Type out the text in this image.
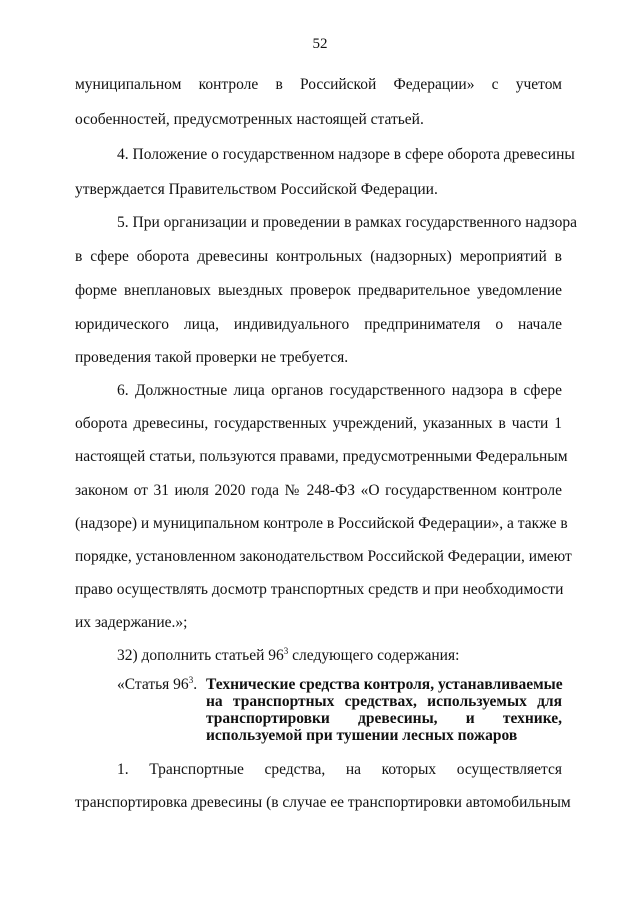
52
муниципальном контроле в Российской Федерации» с учетом
особенностей, предусмотренных настоящей статьей.
4. Положение о государственном надзоре в сфере оборота древесины
утверждается Правительством Российской Федерации.
5. При организации и проведении в рамках государственного надзора
в сфере оборота древесины контрольных (надзорных) мероприятий в
форме внеплановых выездных проверок предварительное уведомление
юридического лица, индивидуального предпринимателя о начале
проведения такой проверки не требуется.
6. Должностные лица органов государственного надзора в сфере
оборота древесины, государственных учреждений, указанных в части 1
настоящей статьи, пользуются правами, предусмотренными Федеральным
законом от 31 июля 2020 года № 248-ФЗ «О государственном контроле
(надзоре) и муниципальном контроле в Российской Федерации», а также в
порядке, установленном законодательством Российской Федерации, имеют
право осуществлять досмотр транспортных средств и при необходимости
их задержание.»;
32) дополнить статьей $96^3$ следующего содержания:
«Статья $96^3$. Технические средства контроля, устанавливаемые
на транспортных средствах, используемых для
транспортировки древесины, и технике,
используемой при тушении лесных пожаров
1. Транспортные средства, на которых осуществляется
транспортировка древесины (в случае ее транспортировки автомобильным
